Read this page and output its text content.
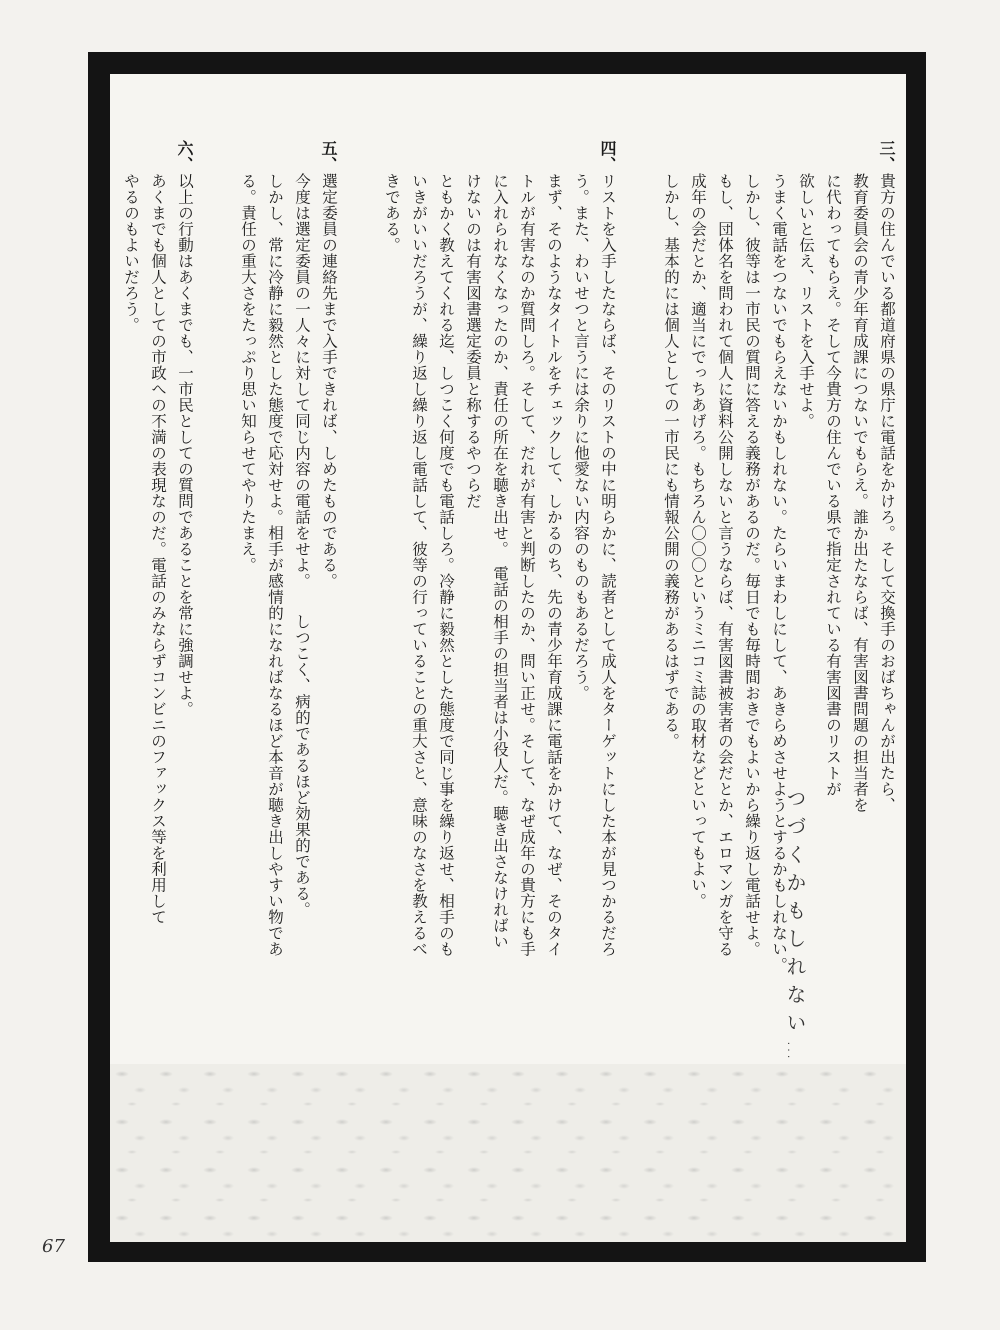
三、
貴方の住んでいる都道府県の県庁に電話をかけろ。そして交換手のおばちゃんが出たら、
教育委員会の青少年育成課につないでもらえ。誰か出たならば、有害図書問題の担当者を
に代わってもらえ。そして今貴方の住んでいる県で指定されている有害図書のリストが
欲しいと伝え、リストを入手せよ。
うまく電話をつないでもらえないかもしれない。たらいまわしにして、あきらめさせようとするかもしれない。
しかし、彼等は一市民の質問に答える義務があるのだ。毎日でも毎時間おきでもよいから繰り返し電話せよ。
もし、団体名を問われて個人に資料公開しないと言うならば、有害図書被害者の会だとか、エロマンガを守る
成年の会だとか、適当にでっちあげろ。もちろん〇〇〇というミニコミ誌の取材などといってもよい。
しかし、基本的には個人としての一市民にも情報公開の義務があるはずである。
四、
リストを入手したならば、そのリストの中に明らかに、読者として成人をターゲットにした本が見つかるだろ
う。また、わいせつと言うには余りに他愛ない内容のものもあるだろう。
まず、そのようなタイトルをチェックして、しかるのち、先の青少年育成課に電話をかけて、なぜ、そのタイ
トルが有害なのか質問しろ。そして、だれが有害と判断したのか、問い正せ。そして、なぜ成年の貴方にも手
に入れられなくなったのか、責任の所在を聴き出せ。　電話の相手の担当者は小役人だ。聴き出さなければい
けないのは有害図書選定委員と称するやつらだ
ともかく教えてくれる迄、しつこく何度でも電話しろ。冷静に毅然とした態度で同じ事を繰り返せ、相手のも
いきがいいだろうが、繰り返し繰り返し電話して、彼等の行っていることの重大さと、意味のなさを教えるべ
きである。
五、
選定委員の連絡先まで入手できれば、しめたものである。
今度は選定委員の一人々に対して同じ内容の電話をせよ。　　しつこく、病的であるほど効果的である。
しかし、常に冷静に毅然とした態度で応対せよ。相手が感情的になればなるほど本音が聴き出しやすい物であ
る。責任の重大さをたっぷり思い知らせてやりたまえ。
六、
以上の行動はあくまでも、一市民としての質問であることを常に強調せよ。
あくまでも個人としての市政への不満の表現なのだ。電話のみならずコンビニのファックス等を利用して
やるのもよいだろう。
つづくかもしれない…
67
